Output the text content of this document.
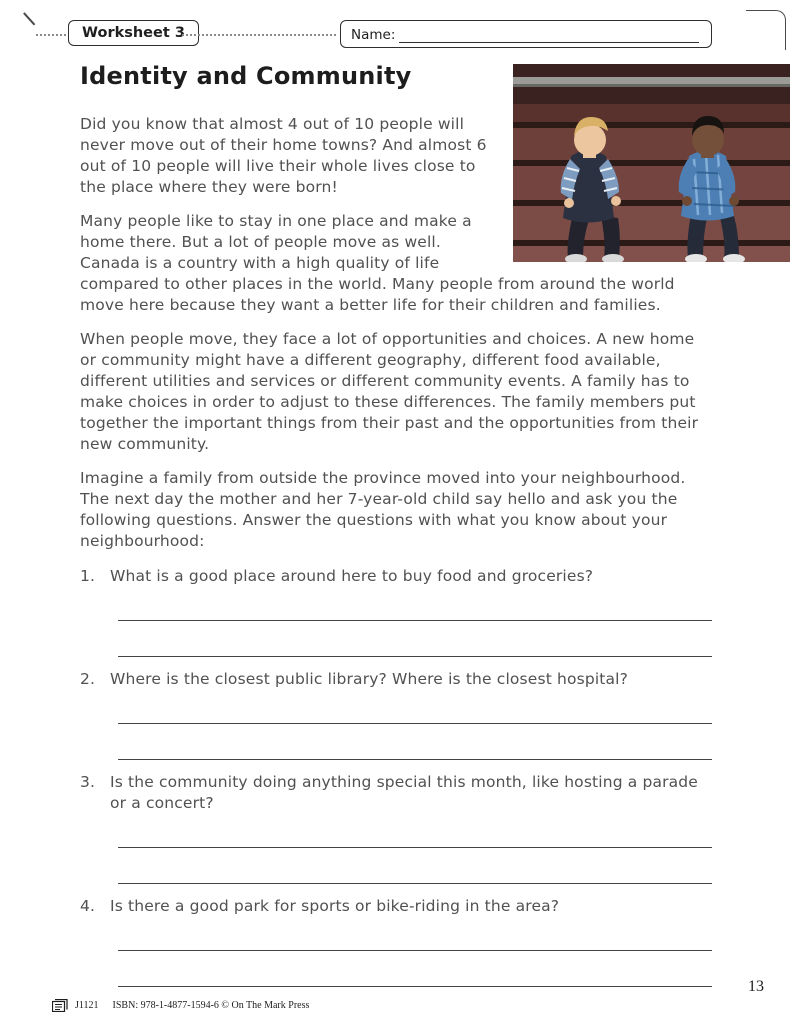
Worksheet 3	Name:
Identity and Community

Did you know that almost 4 out of 10 people will never move out of their home towns? And almost 6 out of 10 people will live their whole lives close to the place where they were born!

Many people like to stay in one place and make a home there. But a lot of people move as well. Canada is a country with a high quality of life compared to other places in the world. Many people from around the world move here because they want a better life for their children and families.

When people move, they face a lot of opportunities and choices. A new home or community might have a different geography, different food available, different utilities and services or different community events. A family has to make choices in order to adjust to these differences. The family members put together the important things from their past and the opportunities from their new community.

Imagine a family from outside the province moved into your neighbourhood. The next day the mother and her 7-year-old child say hello and ask you the following questions. Answer the questions with what you know about your neighbourhood:

1. What is a good place around here to buy food and groceries?
2. Where is the closest public library? Where is the closest hospital?
3. Is the community doing anything special this month, like hosting a parade or a concert?
4. Is there a good park for sports or bike-riding in the area?
J1121 ISBN: 978-1-4877-1594-6 © On The Mark Press
13
